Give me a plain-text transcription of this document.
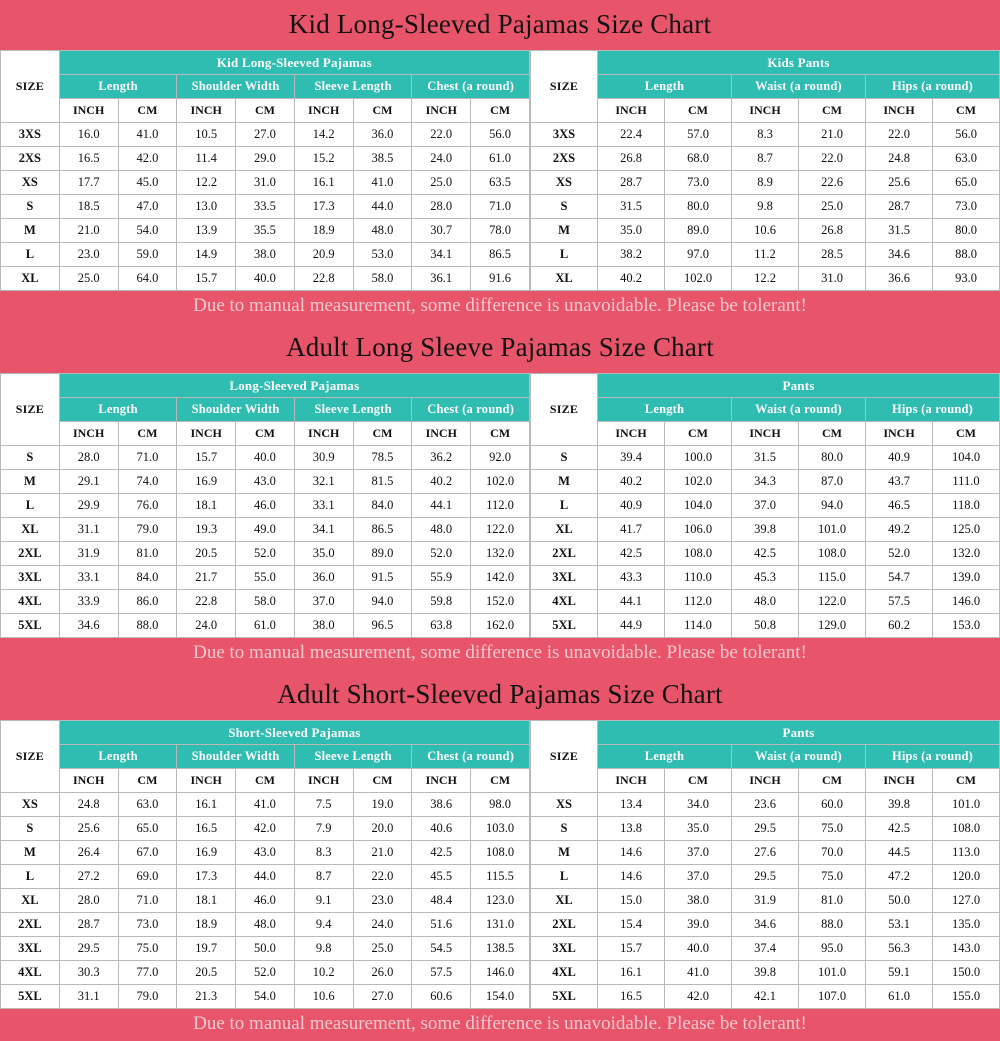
Kid Long-Sleeved Pajamas Size Chart
SIZE	Kid Long-Sleeved Pajamas							
	Length		Shoulder Width		Sleeve Length		Chest (a round)	
	INCH	CM	INCH	CM	INCH	CM	INCH	CM
3XS	16.0	41.0	10.5	27.0	14.2	36.0	22.0	56.0
2XS	16.5	42.0	11.4	29.0	15.2	38.5	24.0	61.0
XS	17.7	45.0	12.2	31.0	16.1	41.0	25.0	63.5
S	18.5	47.0	13.0	33.5	17.3	44.0	28.0	71.0
M	21.0	54.0	13.9	35.5	18.9	48.0	30.7	78.0
L	23.0	59.0	14.9	38.0	20.9	53.0	34.1	86.5
XL	25.0	64.0	15.7	40.0	22.8	58.0	36.1	91.6
SIZE	Kids Pants					
	Length		Waist (a round)		Hips (a round)	
	INCH	CM	INCH	CM	INCH	CM
3XS	22.4	57.0	8.3	21.0	22.0	56.0
2XS	26.8	68.0	8.7	22.0	24.8	63.0
XS	28.7	73.0	8.9	22.6	25.6	65.0
S	31.5	80.0	9.8	25.0	28.7	73.0
M	35.0	89.0	10.6	26.8	31.5	80.0
L	38.2	97.0	11.2	28.5	34.6	88.0
XL	40.2	102.0	12.2	31.0	36.6	93.0
Due to manual measurement, some difference is unavoidable. Please be tolerant!
Adult Long Sleeve Pajamas Size Chart
SIZE	Long-Sleeved Pajamas							
	Length		Shoulder Width		Sleeve Length		Chest (a round)	
	INCH	CM	INCH	CM	INCH	CM	INCH	CM
S	28.0	71.0	15.7	40.0	30.9	78.5	36.2	92.0
M	29.1	74.0	16.9	43.0	32.1	81.5	40.2	102.0
L	29.9	76.0	18.1	46.0	33.1	84.0	44.1	112.0
XL	31.1	79.0	19.3	49.0	34.1	86.5	48.0	122.0
2XL	31.9	81.0	20.5	52.0	35.0	89.0	52.0	132.0
3XL	33.1	84.0	21.7	55.0	36.0	91.5	55.9	142.0
4XL	33.9	86.0	22.8	58.0	37.0	94.0	59.8	152.0
5XL	34.6	88.0	24.0	61.0	38.0	96.5	63.8	162.0
SIZE	Pants					
	Length		Waist (a round)		Hips (a round)	
	INCH	CM	INCH	CM	INCH	CM
S	39.4	100.0	31.5	80.0	40.9	104.0
M	40.2	102.0	34.3	87.0	43.7	111.0
L	40.9	104.0	37.0	94.0	46.5	118.0
XL	41.7	106.0	39.8	101.0	49.2	125.0
2XL	42.5	108.0	42.5	108.0	52.0	132.0
3XL	43.3	110.0	45.3	115.0	54.7	139.0
4XL	44.1	112.0	48.0	122.0	57.5	146.0
5XL	44.9	114.0	50.8	129.0	60.2	153.0
Due to manual measurement, some difference is unavoidable. Please be tolerant!
Adult Short-Sleeved Pajamas Size Chart
SIZE	Short-Sleeved Pajamas							
	Length		Shoulder Width		Sleeve Length		Chest (a round)	
	INCH	CM	INCH	CM	INCH	CM	INCH	CM
XS	24.8	63.0	16.1	41.0	7.5	19.0	38.6	98.0
S	25.6	65.0	16.5	42.0	7.9	20.0	40.6	103.0
M	26.4	67.0	16.9	43.0	8.3	21.0	42.5	108.0
L	27.2	69.0	17.3	44.0	8.7	22.0	45.5	115.5
XL	28.0	71.0	18.1	46.0	9.1	23.0	48.4	123.0
2XL	28.7	73.0	18.9	48.0	9.4	24.0	51.6	131.0
3XL	29.5	75.0	19.7	50.0	9.8	25.0	54.5	138.5
4XL	30.3	77.0	20.5	52.0	10.2	26.0	57.5	146.0
5XL	31.1	79.0	21.3	54.0	10.6	27.0	60.6	154.0
SIZE	Pants					
	Length		Waist (a round)		Hips (a round)	
	INCH	CM	INCH	CM	INCH	CM
XS	13.4	34.0	23.6	60.0	39.8	101.0
S	13.8	35.0	29.5	75.0	42.5	108.0
M	14.6	37.0	27.6	70.0	44.5	113.0
L	14.6	37.0	29.5	75.0	47.2	120.0
XL	15.0	38.0	31.9	81.0	50.0	127.0
2XL	15.4	39.0	34.6	88.0	53.1	135.0
3XL	15.7	40.0	37.4	95.0	56.3	143.0
4XL	16.1	41.0	39.8	101.0	59.1	150.0
5XL	16.5	42.0	42.1	107.0	61.0	155.0
Due to manual measurement, some difference is unavoidable. Please be tolerant!
